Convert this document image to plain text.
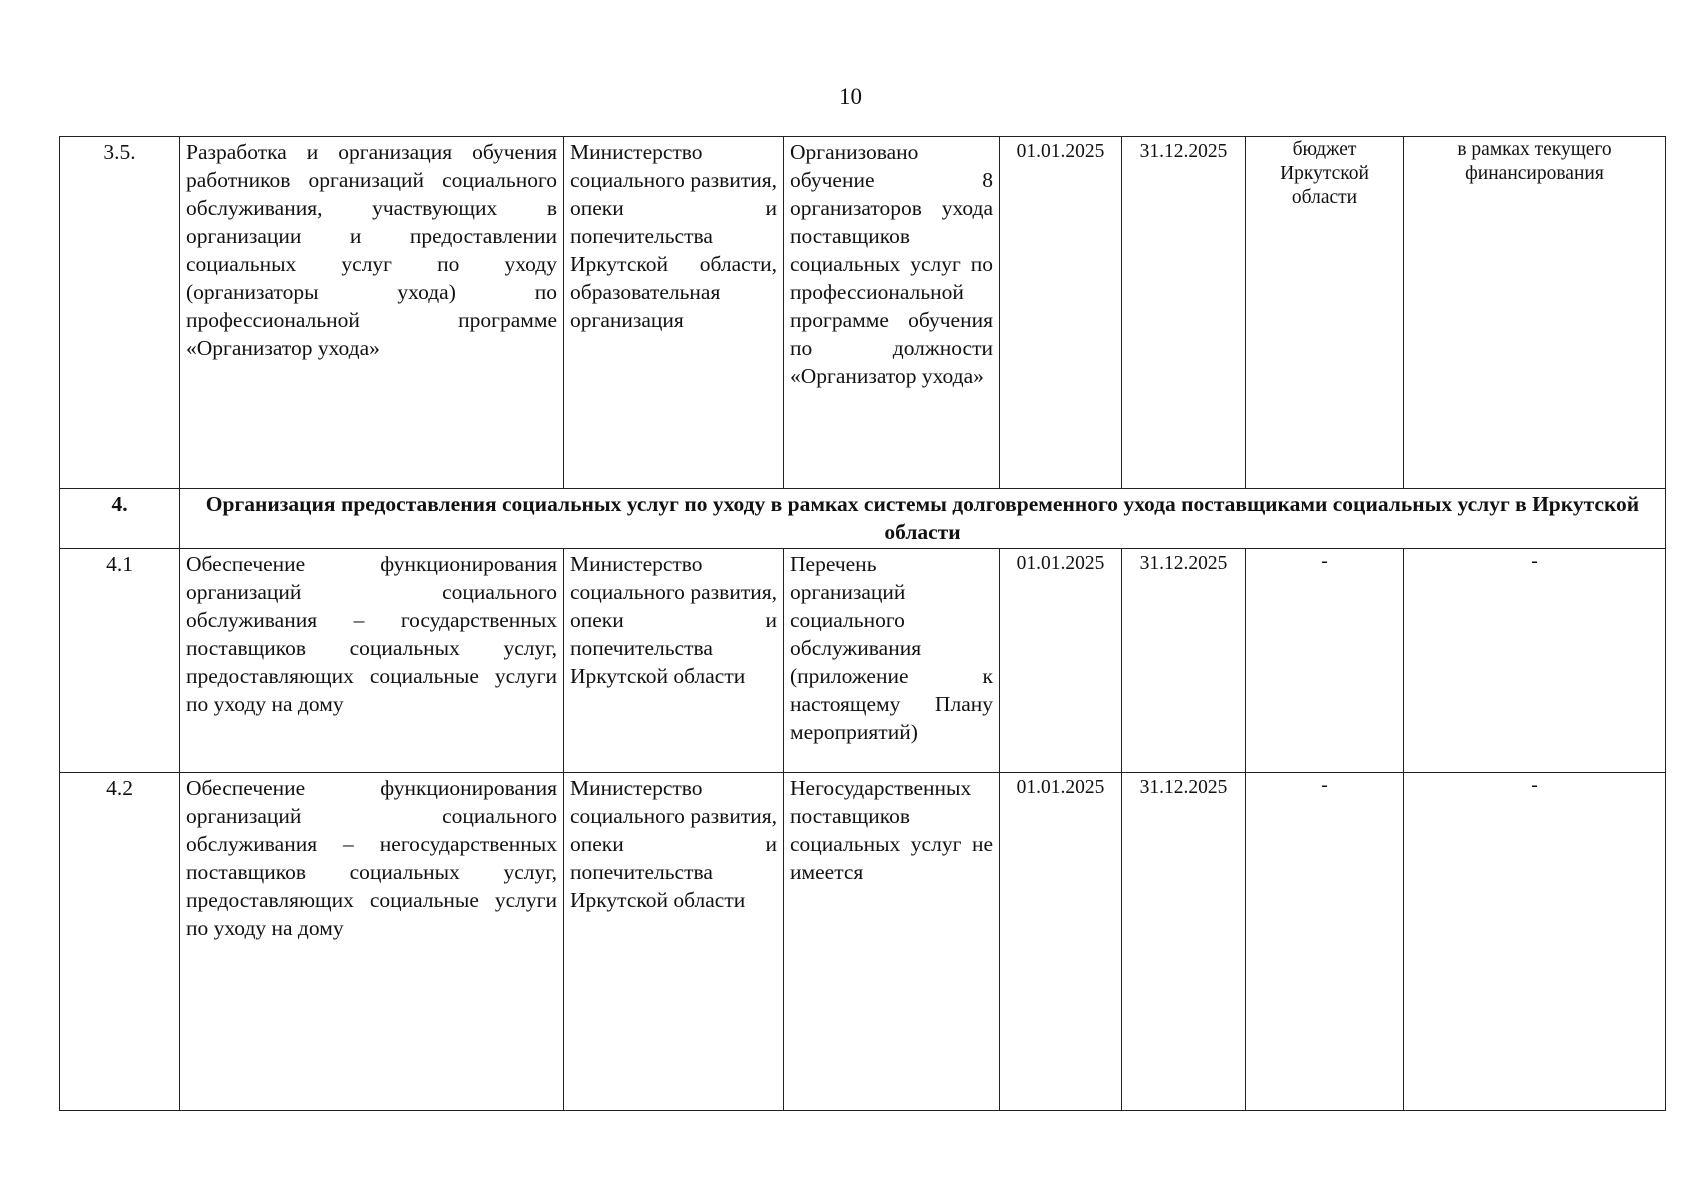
10
3.5.	Разработка и организация обучения работников организаций социального обслуживания, участвующих в организации и предоставлении социальных услуг по уходу (организаторы ухода) по профессиональной программе «Организатор ухода»	Министерство социального развития, опеки и попечительства Иркутской области, образовательная организация	Организовано обучение 8 организаторов ухода поставщиков социальных услуг по профессиональной программе обучения по должности «Организатор ухода»	01.01.2025	31.12.2025	бюджет Иркутской области	в рамках текущего финансирования
4.	Организация предоставления социальных услуг по уходу в рамках системы долговременного ухода поставщиками социальных услуг в Иркутской области						
4.1	Обеспечение функционирования организаций социального обслуживания – государственных поставщиков социальных услуг, предоставляющих социальные услуги по уходу на дому	Министерство социального развития, опеки и попечительства Иркутской области	Перечень организаций социального обслуживания (приложение к настоящему Плану мероприятий)	01.01.2025	31.12.2025	-	-
4.2	Обеспечение функционирования организаций социального обслуживания – негосударственных поставщиков социальных услуг, предоставляющих социальные услуги по уходу на дому	Министерство социального развития, опеки и попечительства Иркутской области	Негосударственных поставщиков социальных услуг не имеется	01.01.2025	31.12.2025	-	-
